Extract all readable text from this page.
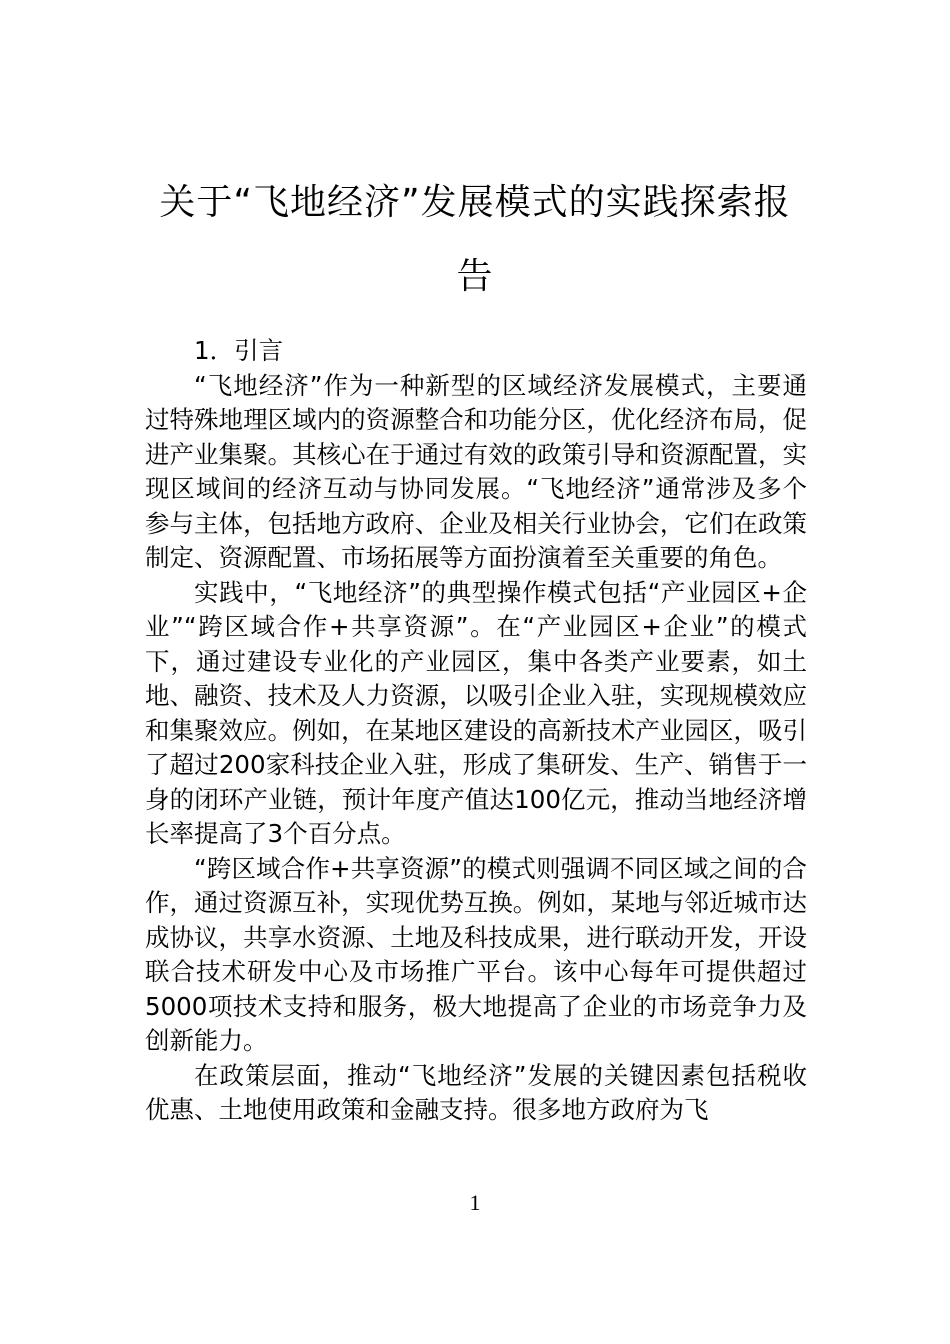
关于“飞地经济”发展模式的实践探索报告

1．引言

“飞地经济”作为一种新型的区域经济发展模式，主要通过特殊地理区域内的资源整合和功能分区，优化经济布局，促进产业集聚。其核心在于通过有效的政策引导和资源配置，实现区域间的经济互动与协同发展。“飞地经济”通常涉及多个参与主体，包括地方政府、企业及相关行业协会，它们在政策制定、资源配置、市场拓展等方面扮演着至关重要的角色。

实践中，“飞地经济”的典型操作模式包括“产业园区+企业”“跨区域合作+共享资源”。在“产业园区+企业”的模式下，通过建设专业化的产业园区，集中各类产业要素，如土地、融资、技术及人力资源，以吸引企业入驻，实现规模效应和集聚效应。例如，在某地区建设的高新技术产业园区，吸引了超过200家科技企业入驻，形成了集研发、生产、销售于一身的闭环产业链，预计年度产值达100亿元，推动当地经济增长率提高了3个百分点。

“跨区域合作+共享资源”的模式则强调不同区域之间的合作，通过资源互补，实现优势互换。例如，某地与邻近城市达成协议，共享水资源、土地及科技成果，进行联动开发，开设联合技术研发中心及市场推广平台。该中心每年可提供超过5000项技术支持和服务，极大地提高了企业的市场竞争力及创新能力。

在政策层面，推动“飞地经济”发展的关键因素包括税收优惠、土地使用政策和金融支持。很多地方政府为飞

1
